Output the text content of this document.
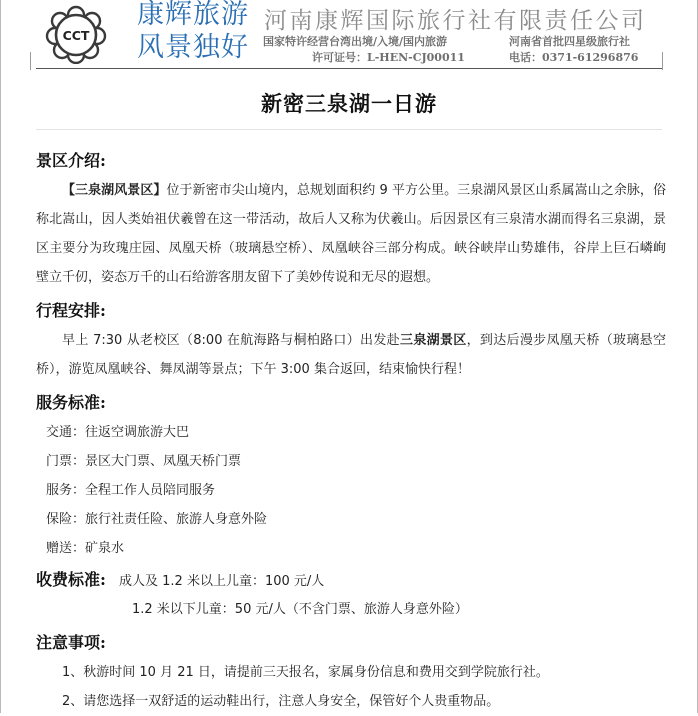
CCT
康辉旅游
风景独好
河南康辉国际旅行社有限责任公司
国家特许经营台湾出境/入境/国内旅游	河南省首批四星级旅行社
许可证号：L-HEN-CJ00011	电话：0371-61296876
新密三泉湖一日游
景区介绍:
【三泉湖风景区】位于新密市尖山境内，总规划面积约 9 平方公里。三泉湖风景区山系属嵩山之余脉，俗称北嵩山，因人类始祖伏羲曾在这一带活动，故后人又称为伏羲山。后因景区有三泉清水湖而得名三泉湖，景区主要分为玫瑰庄园、凤凰天桥（玻璃悬空桥）、凤凰峡谷三部分构成。峡谷峡岸山势雄伟，谷岸上巨石嶙峋壁立千仞，姿态万千的山石给游客朋友留下了美妙传说和无尽的遐想。
行程安排:
早上 7:30 从老校区（8:00 在航海路与桐柏路口）出发赴三泉湖景区，到达后漫步凤凰天桥（玻璃悬空桥），游览凤凰峡谷、舞凤湖等景点；下午 3:00 集合返回，结束愉快行程！
服务标准:
交通：往返空调旅游大巴
门票：景区大门票、凤凰天桥门票
服务：全程工作人员陪同服务
保险：旅行社责任险、旅游人身意外险
赠送：矿泉水
收费标准: 成人及 1.2 米以上儿童：100 元/人
1.2 米以下儿童：50 元/人（不含门票、旅游人身意外险）
注意事项:
1、秋游时间 10 月 21 日，请提前三天报名，家属身份信息和费用交到学院旅行社。
2、请您选择一双舒适的运动鞋出行，注意人身安全，保管好个人贵重物品。
